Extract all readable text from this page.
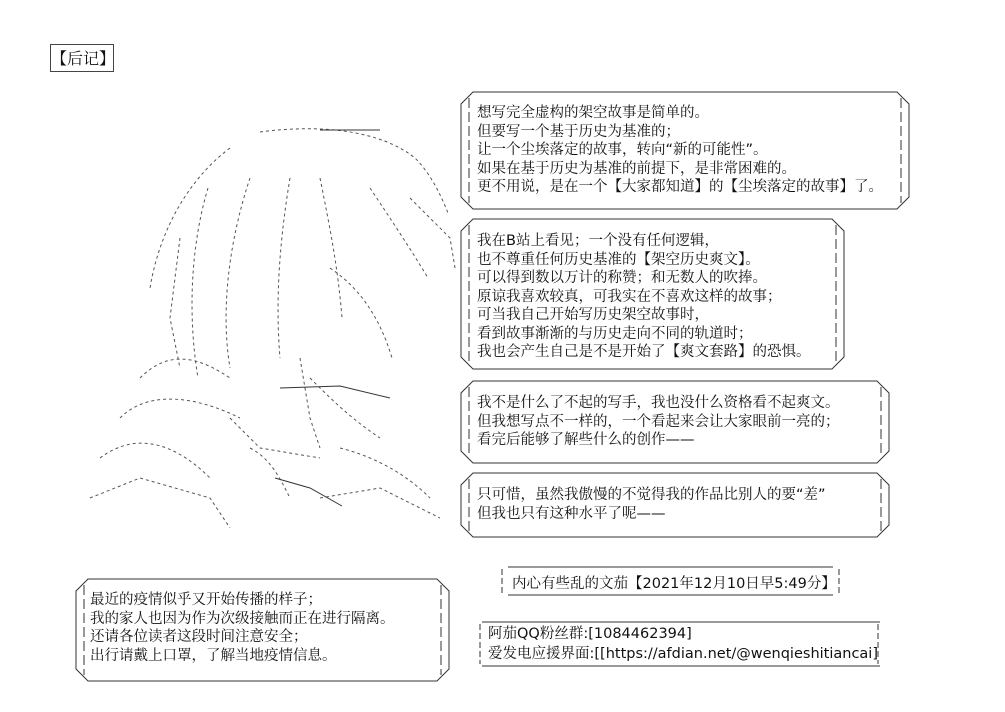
【后记】
想写完全虚构的架空故事是简单的。
但要写一个基于历史为基准的；
让一个尘埃落定的故事，转向“新的可能性”。
如果在基于历史为基准的前提下，是非常困难的。
更不用说，是在一个【大家都知道】的【尘埃落定的故事】了。
我在B站上看见；一个没有任何逻辑，
也不尊重任何历史基准的【架空历史爽文】。
可以得到数以万计的称赞；和无数人的吹捧。
原谅我喜欢较真，可我实在不喜欢这样的故事；
可当我自己开始写历史架空故事时，
看到故事渐渐的与历史走向不同的轨道时；
我也会产生自己是不是开始了【爽文套路】的恐惧。
我不是什么了不起的写手，我也没什么资格看不起爽文。
但我想写点不一样的，一个看起来会让大家眼前一亮的；
看完后能够了解些什么的创作——
只可惜，虽然我傲慢的不觉得我的作品比别人的要“差”
但我也只有这种水平了呢——
最近的疫情似乎又开始传播的样子；
我的家人也因为作为次级接触而正在进行隔离。
还请各位读者这段时间注意安全；
出行请戴上口罩，了解当地疫情信息。
内心有些乱的文茄【2021年12月10日早5:49分】
阿茄QQ粉丝群:[1084462394]
爱发电应援界面:[[https://afdian.net/@wenqieshitiancai]
